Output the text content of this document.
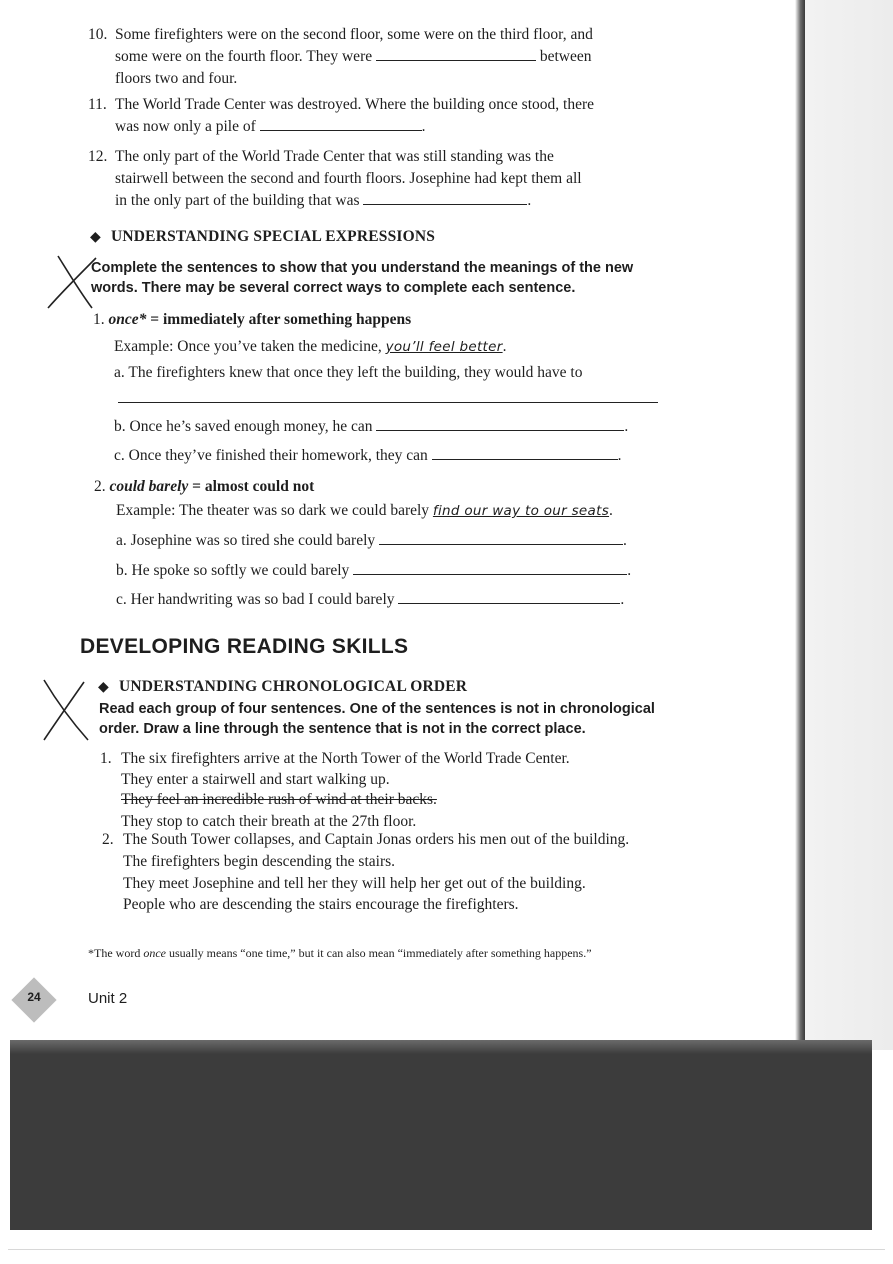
10. Some firefighters were on the second floor, some were on the third floor, and
some were on the fourth floor. They were	between
floors two and four.
11. The World Trade Center was destroyed. Where the building once stood, there
was now only a pile of	.
12. The only part of the World Trade Center that was still standing was the
stairwell between the second and fourth floors. Josephine had kept them all
in the only part of the building that was	.
◆ UNDERSTANDING SPECIAL EXPRESSIONS
Complete the sentences to show that you understand the meanings of the new
words. There may be several correct ways to complete each sentence.
1. once* = immediately after something happens
Example: Once you’ve taken the medicine, you’ll feel better.
a. The firefighters knew that once they left the building, they would have to
b. Once he’s saved enough money, he can	.
c. Once they’ve finished their homework, they can	.
2. could barely = almost could not
Example: The theater was so dark we could barely find our way to our seats.
a. Josephine was so tired she could barely	.
b. He spoke so softly we could barely	.
c. Her handwriting was so bad I could barely	.
DEVELOPING READING SKILLS
◆ UNDERSTANDING CHRONOLOGICAL ORDER
Read each group of four sentences. One of the sentences is not in chronological
order. Draw a line through the sentence that is not in the correct place.
1. The six firefighters arrive at the North Tower of the World Trade Center.
They enter a stairwell and start walking up.
They feel an incredible rush of wind at their backs.
They stop to catch their breath at the 27th floor.
2. The South Tower collapses, and Captain Jonas orders his men out of the building.
The firefighters begin descending the stairs.
They meet Josephine and tell her they will help her get out of the building.
People who are descending the stairs encourage the firefighters.
*The word once usually means “one time,” but it can also mean “immediately after something happens.”
24	Unit 2
